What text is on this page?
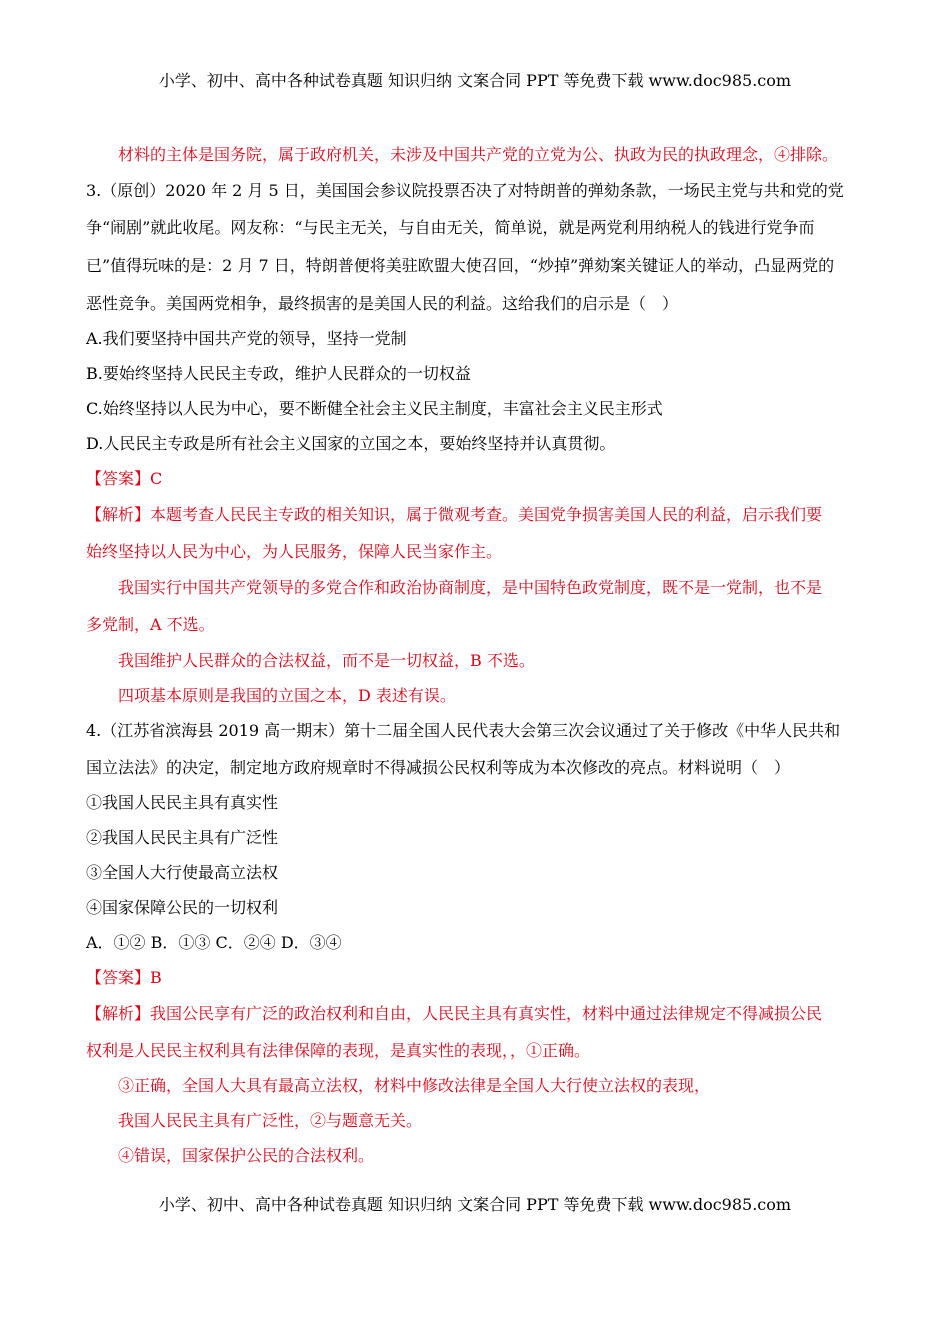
小学、初中、高中各种试卷真题 知识归纳 文案合同 PPT 等免费下载 www.doc985.com
材料的主体是国务院，属于政府机关，未涉及中国共产党的立党为公、执政为民的执政理念，④排除。
3.（原创）2020 年 2 月 5 日，美国国会参议院投票否决了对特朗普的弹劾条款，一场民主党与共和党的党
争“闹剧”就此收尾。网友称：“与民主无关，与自由无关，简单说，就是两党利用纳税人的钱进行党争而
已”值得玩味的是：2 月 7 日，特朗普便将美驻欧盟大使召回，“炒掉”弹劾案关键证人的举动，凸显两党的
恶性竞争。美国两党相争，最终损害的是美国人民的利益。这给我们的启示是（　）
A.我们要坚持中国共产党的领导，坚持一党制
B.要始终坚持人民民主专政，维护人民群众的一切权益
C.始终坚持以人民为中心，要不断健全社会主义民主制度，丰富社会主义民主形式
D.人民民主专政是所有社会主义国家的立国之本，要始终坚持并认真贯彻。
【答案】C
【解析】本题考查人民民主专政的相关知识，属于微观考查。美国党争损害美国人民的利益，启示我们要
始终坚持以人民为中心，为人民服务，保障人民当家作主。
我国实行中国共产党领导的多党合作和政治协商制度，是中国特色政党制度，既不是一党制，也不是
多党制，A 不选。
我国维护人民群众的合法权益，而不是一切权益，B 不选。
四项基本原则是我国的立国之本，D 表述有误。
4.（江苏省滨海县 2019 高一期末）第十二届全国人民代表大会第三次会议通过了关于修改《中华人民共和
国立法法》的决定，制定地方政府规章时不得减损公民权利等成为本次修改的亮点。材料说明（　）
①我国人民民主具有真实性
②我国人民民主具有广泛性
③全国人大行使最高立法权
④国家保障公民的一切权利
A．①② B．①③ C．②④ D．③④
【答案】B
【解析】我国公民享有广泛的政治权利和自由，人民民主具有真实性，材料中通过法律规定不得减损公民
权利是人民民主权利具有法律保障的表现，是真实性的表现，，①正确。
③正确，全国人大具有最高立法权，材料中修改法律是全国人大行使立法权的表现，
我国人民民主具有广泛性，②与题意无关。
④错误，国家保护公民的合法权利。
小学、初中、高中各种试卷真题 知识归纳 文案合同 PPT 等免费下载 www.doc985.com
